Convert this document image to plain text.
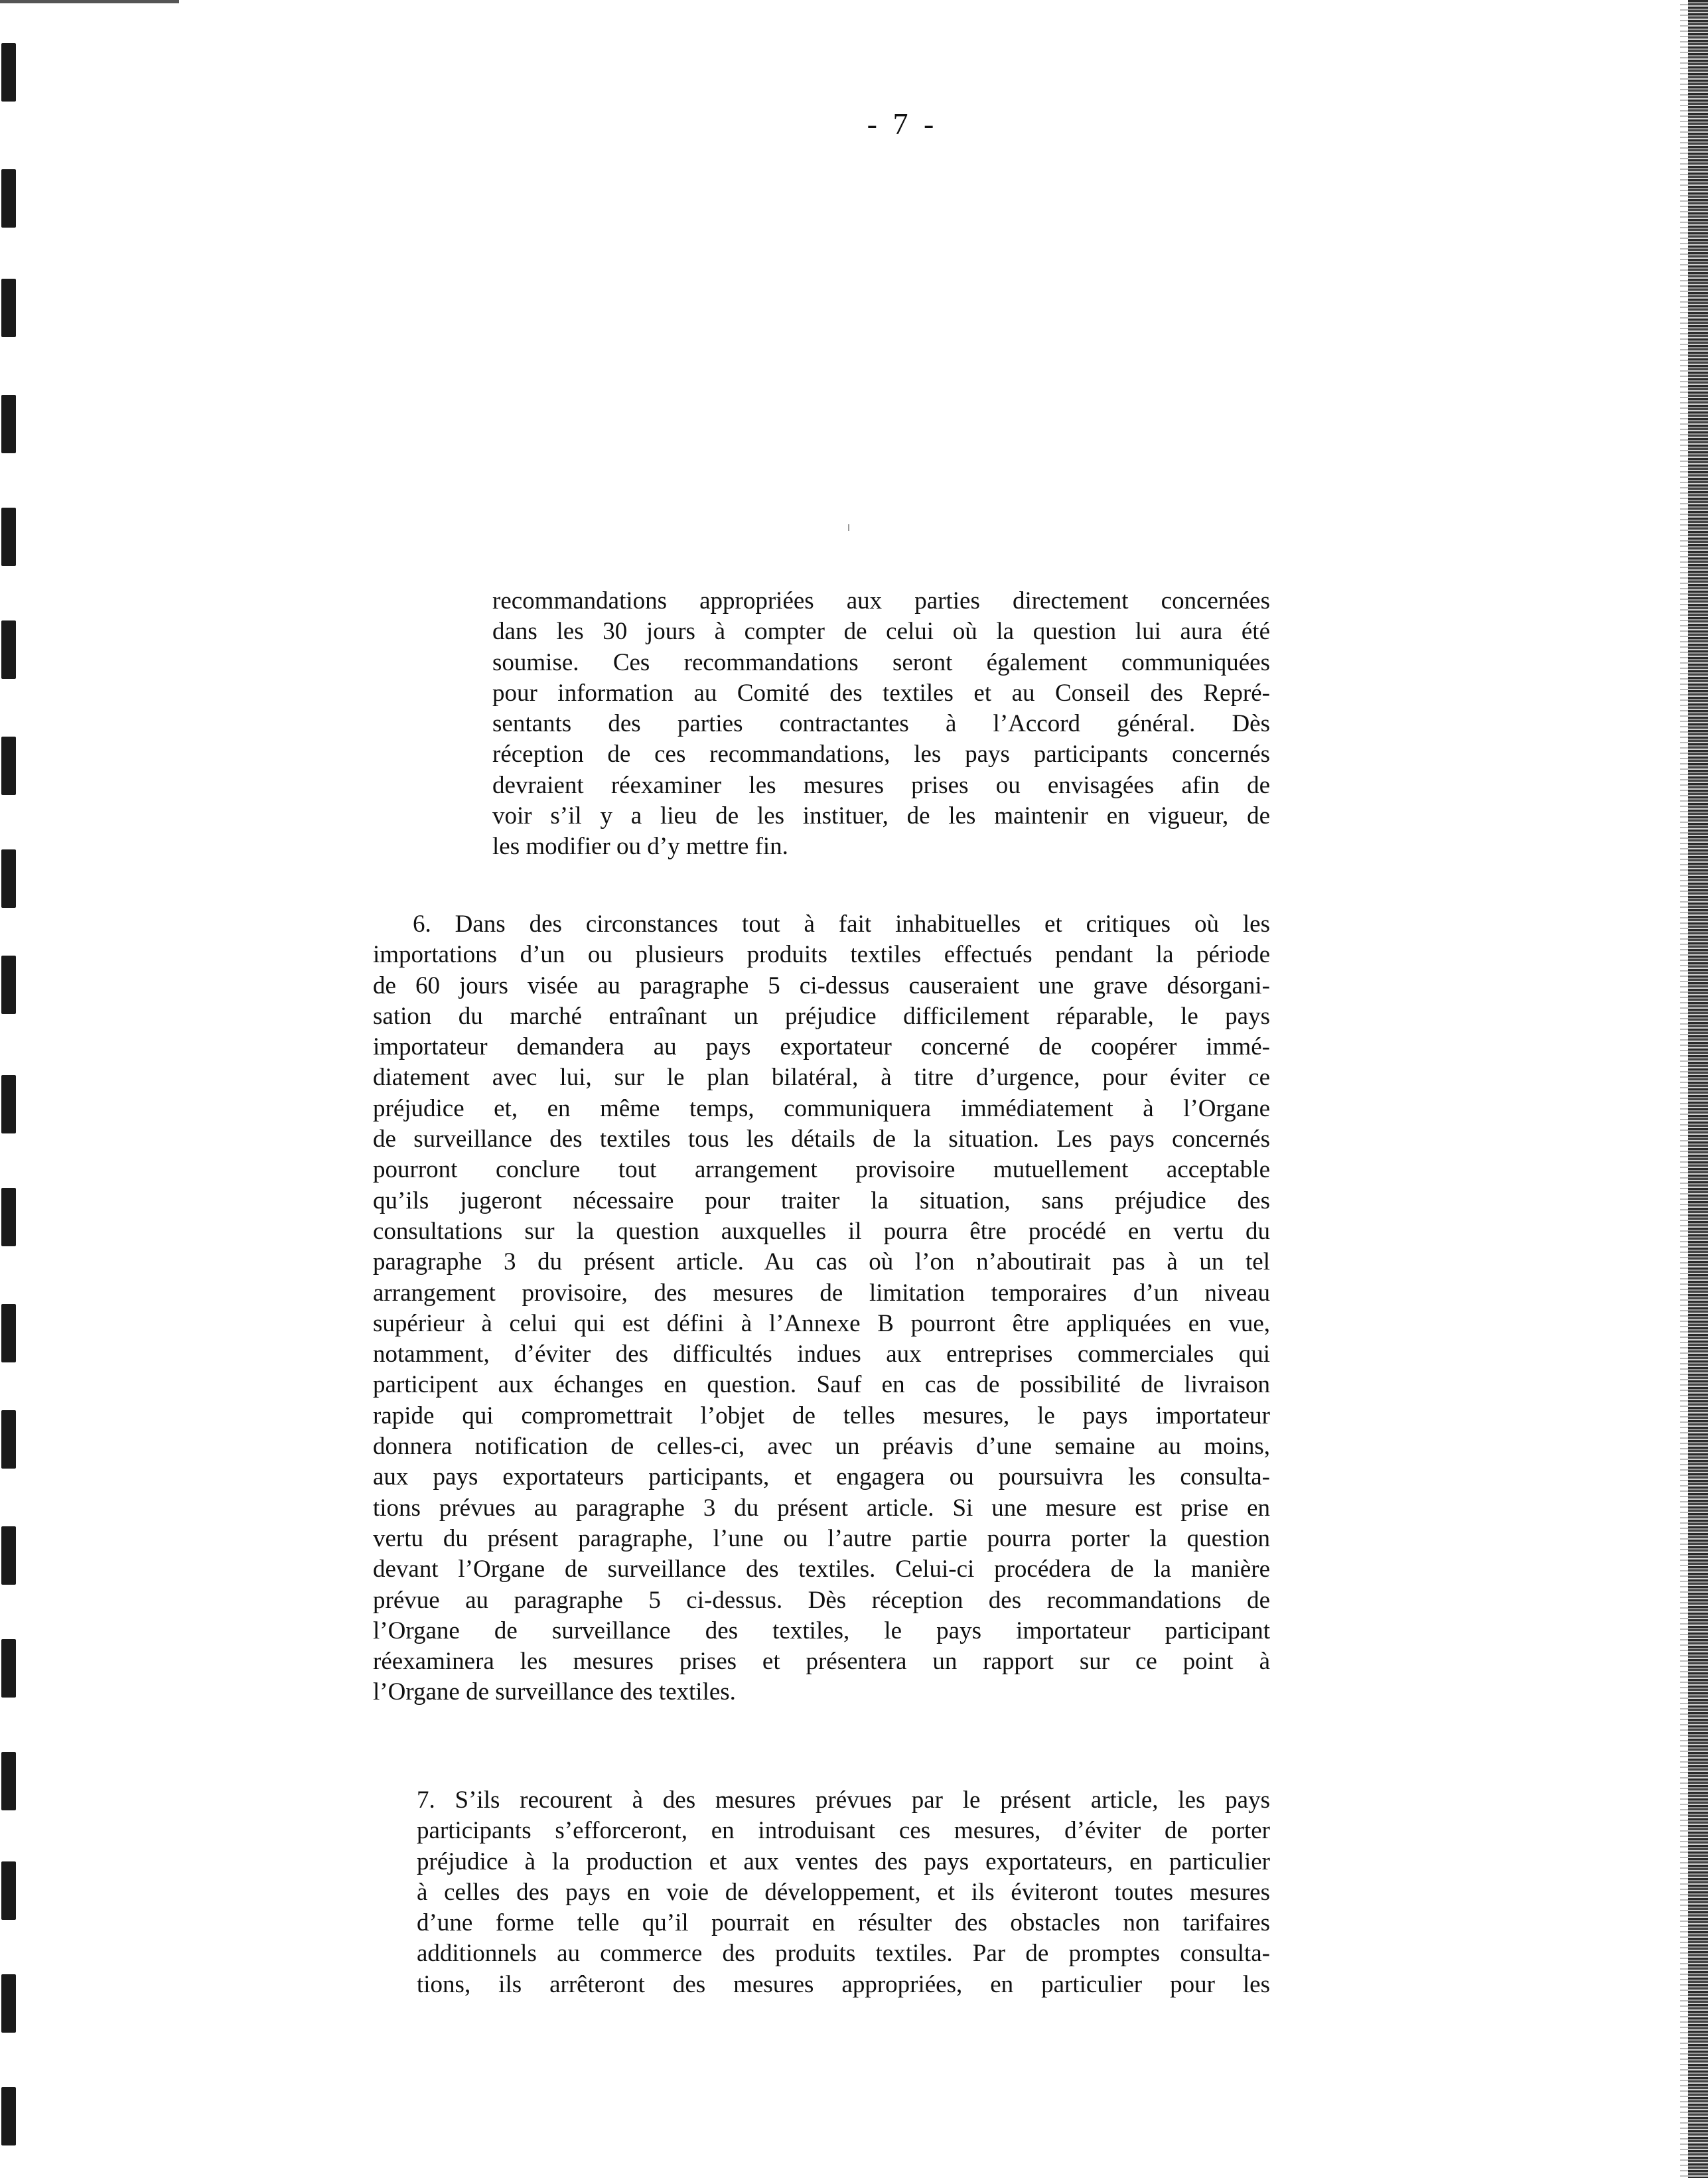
- 7 -
recommandations appropriées aux parties directement concernées
dans les 30 jours à compter de celui où la question lui aura été
soumise. Ces recommandations seront également communiquées
pour information au Comité des textiles et au Conseil des Repré-
sentants des parties contractantes à l’Accord général. Dès
réception de ces recommandations, les pays participants concernés
devraient réexaminer les mesures prises ou envisagées afin de
voir s’il y a lieu de les instituer, de les maintenir en vigueur, de
les modifier ou d’y mettre fin.
6. Dans des circonstances tout à fait inhabituelles et critiques où les
importations d’un ou plusieurs produits textiles effectués pendant la période
de 60 jours visée au paragraphe 5 ci-dessus causeraient une grave désorgani-
sation du marché entraînant un préjudice difficilement réparable, le pays
importateur demandera au pays exportateur concerné de coopérer immé-
diatement avec lui, sur le plan bilatéral, à titre d’urgence, pour éviter ce
préjudice et, en même temps, communiquera immédiatement à l’Organe
de surveillance des textiles tous les détails de la situation. Les pays concernés
pourront conclure tout arrangement provisoire mutuellement acceptable
qu’ils jugeront nécessaire pour traiter la situation, sans préjudice des
consultations sur la question auxquelles il pourra être procédé en vertu du
paragraphe 3 du présent article. Au cas où l’on n’aboutirait pas à un tel
arrangement provisoire, des mesures de limitation temporaires d’un niveau
supérieur à celui qui est défini à l’Annexe B pourront être appliquées en vue,
notamment, d’éviter des difficultés indues aux entreprises commerciales qui
participent aux échanges en question. Sauf en cas de possibilité de livraison
rapide qui compromettrait l’objet de telles mesures, le pays importateur
donnera notification de celles-ci, avec un préavis d’une semaine au moins,
aux pays exportateurs participants, et engagera ou poursuivra les consulta-
tions prévues au paragraphe 3 du présent article. Si une mesure est prise en
vertu du présent paragraphe, l’une ou l’autre partie pourra porter la question
devant l’Organe de surveillance des textiles. Celui-ci procédera de la manière
prévue au paragraphe 5 ci-dessus. Dès réception des recommandations de
l’Organe de surveillance des textiles, le pays importateur participant
réexaminera les mesures prises et présentera un rapport sur ce point à
l’Organe de surveillance des textiles.
7. S’ils recourent à des mesures prévues par le présent article, les pays
participants s’efforceront, en introduisant ces mesures, d’éviter de porter
préjudice à la production et aux ventes des pays exportateurs, en particulier
à celles des pays en voie de développement, et ils éviteront toutes mesures
d’une forme telle qu’il pourrait en résulter des obstacles non tarifaires
additionnels au commerce des produits textiles. Par de promptes consulta-
tions, ils arrêteront des mesures appropriées, en particulier pour les
